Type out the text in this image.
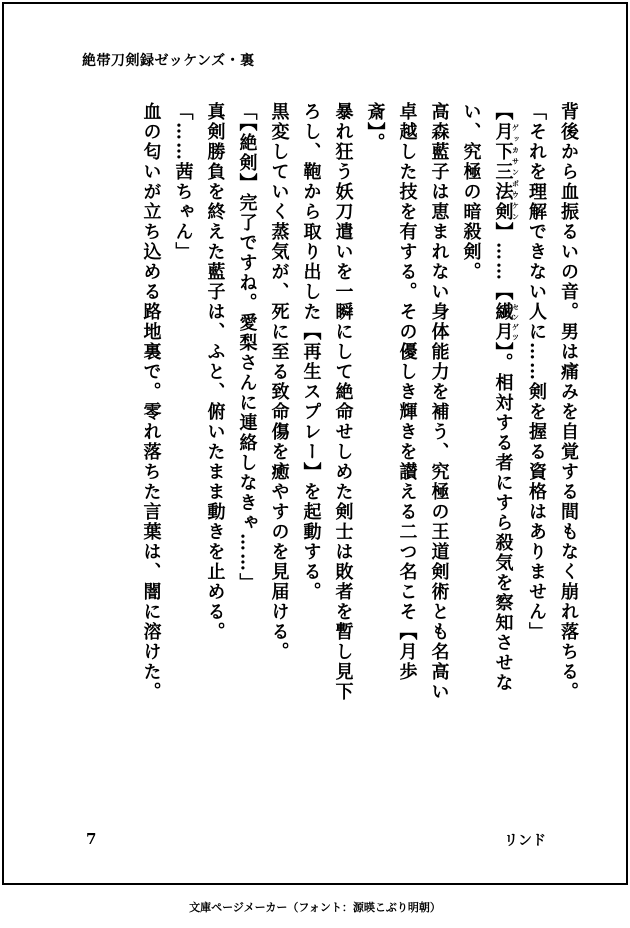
絶帯刀剣録ゼッケンズ・裏

背後から血振るいの音。男は痛みを自覚する間もなく崩れ落ちる。

「それを理解できない人に……剣を握る資格はありません」

【月下三法剣ゲッカサンポウケン】……【繊月センゲツ】。相対する者にすら殺気を察知させない、究極の暗殺剣。

高森藍子は恵まれない身体能力を補う、究極の王道剣術とも名高い卓越した技を有する。その優しき輝きを讃える二つ名こそ【月歩斎】。

暴れ狂う妖刀遣いを一瞬にして絶命せしめた剣士は敗者を暫し見下ろし、鞄から取り出した【再生スプレー】を起動する。

黒変していく蒸気が、死に至る致命傷を癒やすのを見届ける。

「【絶剣】完了ですね。愛梨さんに連絡しなきゃ……」

真剣勝負を終えた藍子は、ふと、俯いたまま動きを止める。

「……茜ちゃん」

血の匂いが立ち込める路地裏で。零れ落ちた言葉は、闇に溶けた。

7	リンド
文庫ページメーカー（フォント：源暎こぶり明朝）
